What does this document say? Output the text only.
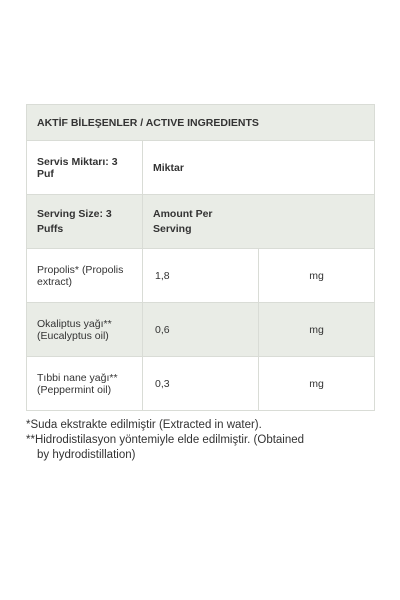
AKTİF BİLEŞENLER / ACTIVE INGREDIENTS		
Servis Miktarı: 3 Puf	Miktar	
Serving Size: 3 Puffs	Amount Per
Serving	
Propolis* (Propolis extract)	1,8	mg
Okaliptus yağı** (Eucalyptus oil)	0,6	mg
Tıbbi nane yağı** (Peppermint oil)	0,3	mg

*Suda ekstrakte edilmiştir (Extracted in water).

**Hidrodistilasyon yöntemiyle elde edilmiştir. (Obtained

by hydrodistillation)
